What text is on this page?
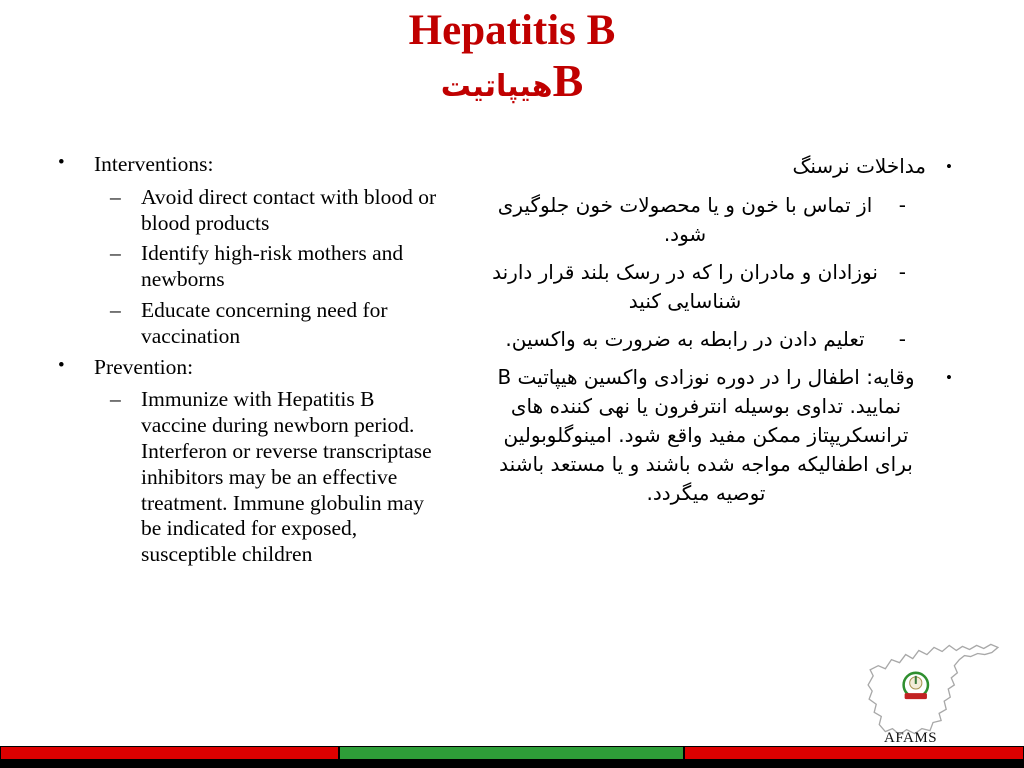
Hepatitis B
هیپاتیتB
•	Interventions:
– Avoid direct contact with blood or blood products
– Identify high-risk mothers and newborns
– Educate concerning need for vaccination
•	Prevention:
– Immunize with Hepatitis B vaccine during newborn period. Interferon or reverse transcriptase inhibitors may be an effective treatment. Immune globulin may be indicated for exposed, susceptible children
•
مداخلات نرسنگ
-
از تماس با خون و یا محصولات خون جلوگیری شود.
-
نوزادان و مادران را که در رسک بلند قرار دارند شناسایی کنید
-
تعلیم دادن در رابطه به ضرورت به واکسین.
•
وقایه: اطفال را در دوره نوزادی واکسین هیپاتیت B نمایید. تداوی بوسیله انترفرون یا نهی کننده های ترانسکریپتاز ممکن مفید واقع شود. امینوگلوبولین برای اطفالیکه مواجه شده باشند و یا مستعد باشند توصیه میگردد.
AFAMS
